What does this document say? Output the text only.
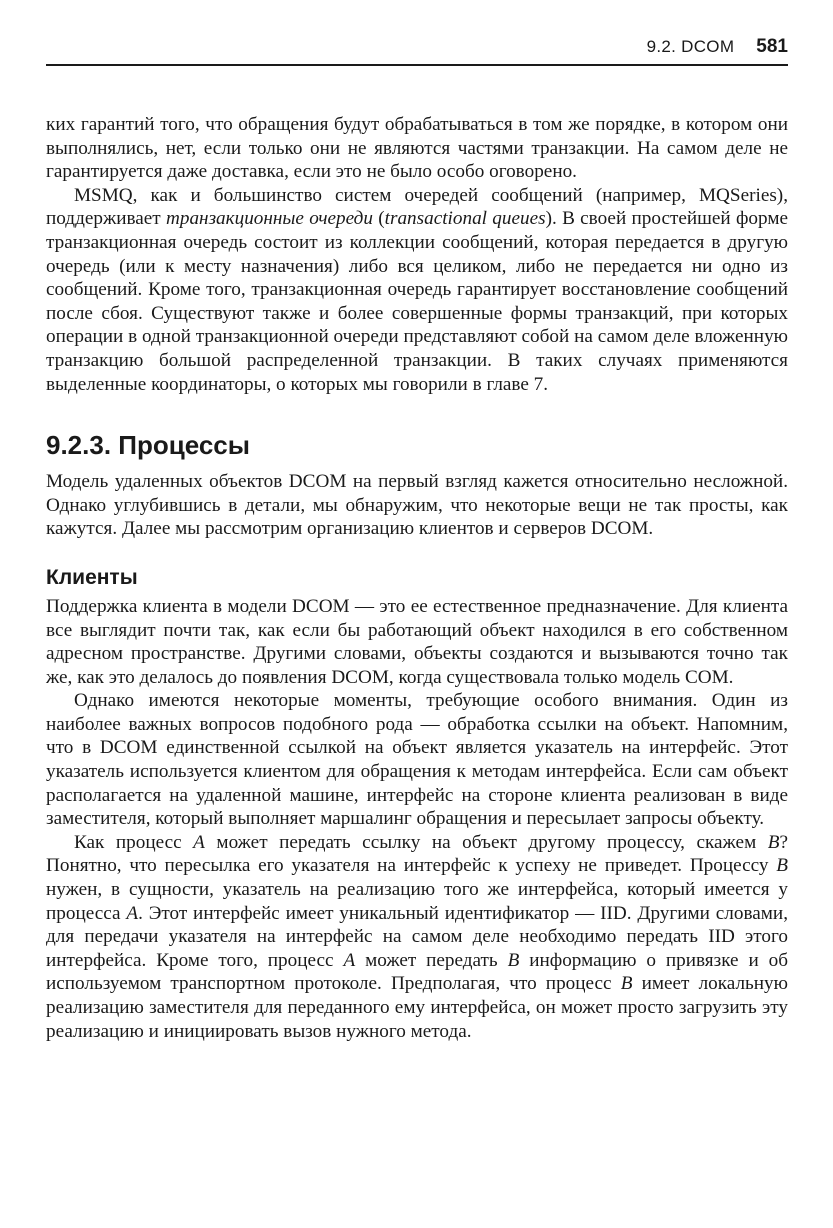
9.2. DCOM 581

ких гарантий того, что обращения будут обрабатываться в том же порядке, в котором они выполнялись, нет, если только они не являются частями транзакции. На самом деле не гарантируется даже доставка, если это не было особо оговорено.

MSMQ, как и большинство систем очередей сообщений (например, MQSeries), поддерживает транзакционные очереди (transactional queues). В своей простейшей форме транзакционная очередь состоит из коллекции сообщений, которая передается в другую очередь (или к месту назначения) либо вся целиком, либо не передается ни одно из сообщений. Кроме того, транзакционная очередь гарантирует восстановление сообщений после сбоя. Существуют также и более совершенные формы транзакций, при которых операции в одной транзакционной очереди представляют собой на самом деле вложенную транзакцию большой распределенной транзакции. В таких случаях применяются выделенные координаторы, о которых мы говорили в главе 7.

9.2.3. Процессы

Модель удаленных объектов DCOM на первый взгляд кажется относительно несложной. Однако углубившись в детали, мы обнаружим, что некоторые вещи не так просты, как кажутся. Далее мы рассмотрим организацию клиентов и серверов DCOM.

Клиенты

Поддержка клиента в модели DCOM — это ее естественное предназначение. Для клиента все выглядит почти так, как если бы работающий объект находился в его собственном адресном пространстве. Другими словами, объекты создаются и вызываются точно так же, как это делалось до появления DCOM, когда существовала только модель COM.

Однако имеются некоторые моменты, требующие особого внимания. Один из наиболее важных вопросов подобного рода — обработка ссылки на объект. Напомним, что в DCOM единственной ссылкой на объект является указатель на интерфейс. Этот указатель используется клиентом для обращения к методам интерфейса. Если сам объект располагается на удаленной машине, интерфейс на стороне клиента реализован в виде заместителя, который выполняет маршалинг обращения и пересылает запросы объекту.

Как процесс A может передать ссылку на объект другому процессу, скажем B? Понятно, что пересылка его указателя на интерфейс к успеху не приведет. Процессу B нужен, в сущности, указатель на реализацию того же интерфейса, который имеется у процесса A. Этот интерфейс имеет уникальный идентификатор — IID. Другими словами, для передачи указателя на интерфейс на самом деле необходимо передать IID этого интерфейса. Кроме того, процесс A может передать B информацию о привязке и об используемом транспортном протоколе. Предполагая, что процесс B имеет локальную реализацию заместителя для переданного ему интерфейса, он может просто загрузить эту реализацию и инициировать вызов нужного метода.
